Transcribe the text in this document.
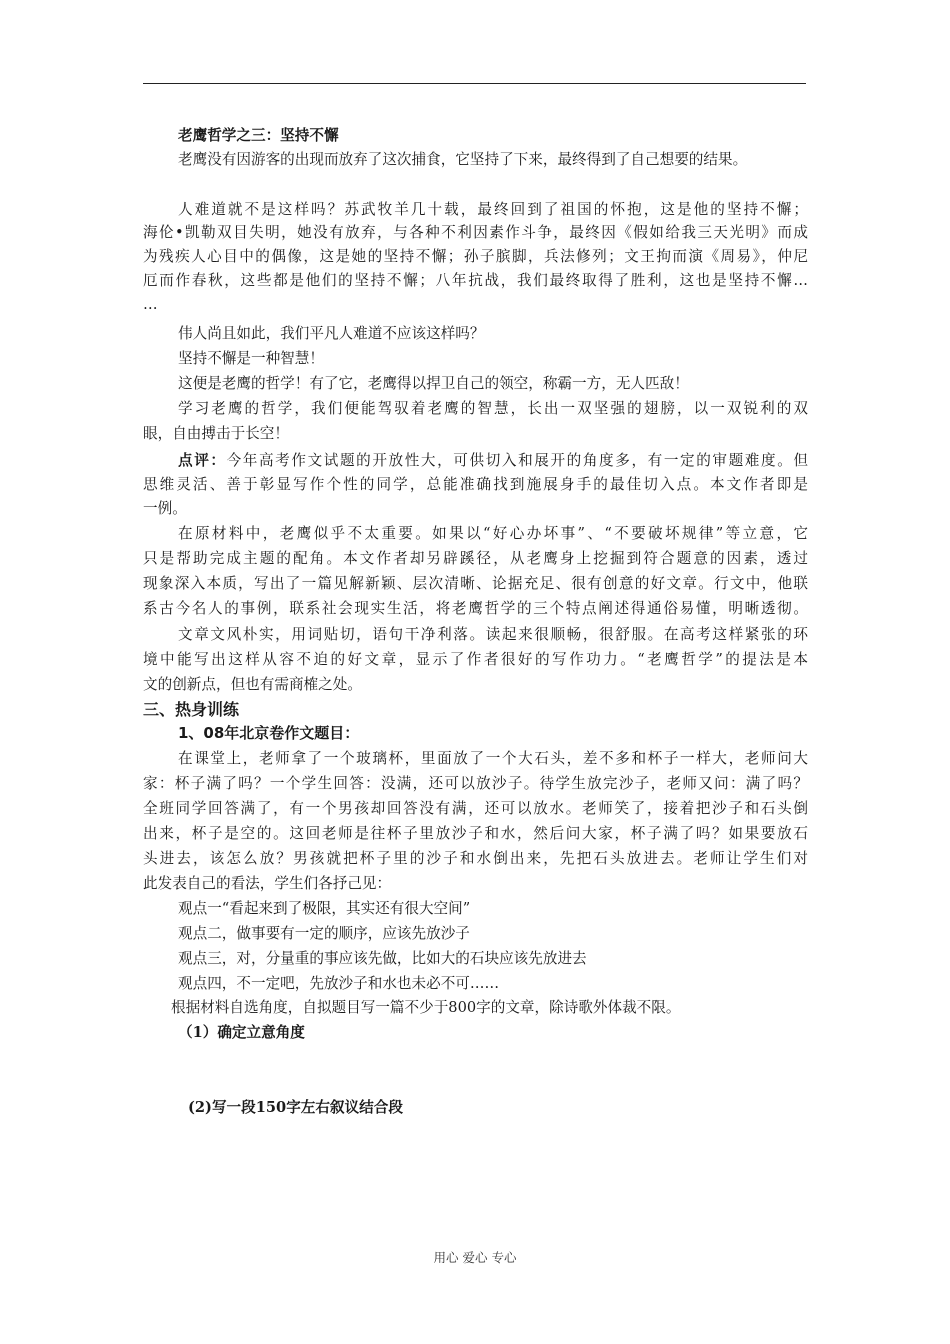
老鹰哲学之三：坚持不懈
老鹰没有因游客的出现而放弃了这次捕食，它坚持了下来，最终得到了自己想要的结果。
人难道就不是这样吗？苏武牧羊几十载，最终回到了祖国的怀抱，这是他的坚持不懈；
海伦•凯勒双目失明，她没有放弃，与各种不利因素作斗争，最终因《假如给我三天光明》而成
为残疾人心目中的偶像，这是她的坚持不懈；孙子膑脚，兵法修列；文王拘而演《周易》，仲尼
厄而作春秋，这些都是他们的坚持不懈；八年抗战，我们最终取得了胜利，这也是坚持不懈…
…
伟人尚且如此，我们平凡人难道不应该这样吗？
坚持不懈是一种智慧！
这便是老鹰的哲学！有了它，老鹰得以捍卫自己的领空，称霸一方，无人匹敌！
学习老鹰的哲学，我们便能驾驭着老鹰的智慧，长出一双坚强的翅膀，以一双锐利的双
眼，自由搏击于长空！
点评：今年高考作文试题的开放性大，可供切入和展开的角度多，有一定的审题难度。但
思维灵活、善于彰显写作个性的同学，总能准确找到施展身手的最佳切入点。本文作者即是
一例。
在原材料中，老鹰似乎不太重要。如果以“好心办坏事”、“不要破坏规律”等立意，它
只是帮助完成主题的配角。本文作者却另辟蹊径，从老鹰身上挖掘到符合题意的因素，透过
现象深入本质，写出了一篇见解新颖、层次清晰、论据充足、很有创意的好文章。行文中，他联
系古今名人的事例，联系社会现实生活，将老鹰哲学的三个特点阐述得通俗易懂，明晰透彻。
文章文风朴实，用词贴切，语句干净利落。读起来很顺畅，很舒服。在高考这样紧张的环
境中能写出这样从容不迫的好文章，显示了作者很好的写作功力。“老鹰哲学”的提法是本
文的创新点，但也有需商榷之处。
三、热身训练
1、08年北京卷作文题目：
在课堂上，老师拿了一个玻璃杯，里面放了一个大石头，差不多和杯子一样大，老师问大
家：杯子满了吗？一个学生回答：没满，还可以放沙子。待学生放完沙子，老师又问：满了吗？
全班同学回答满了，有一个男孩却回答没有满，还可以放水。老师笑了，接着把沙子和石头倒
出来，杯子是空的。这回老师是往杯子里放沙子和水，然后问大家，杯子满了吗？如果要放石
头进去，该怎么放？男孩就把杯子里的沙子和水倒出来，先把石头放进去。老师让学生们对
此发表自己的看法，学生们各抒己见：
观点一“看起来到了极限，其实还有很大空间”
观点二，做事要有一定的顺序，应该先放沙子
观点三，对，分量重的事应该先做，比如大的石块应该先放进去
观点四，不一定吧，先放沙子和水也未必不可……
根据材料自选角度，自拟题目写一篇不少于800字的文章，除诗歌外体裁不限。
（1）确定立意角度
(2)写一段150字左右叙议结合段
用心 爱心 专心
